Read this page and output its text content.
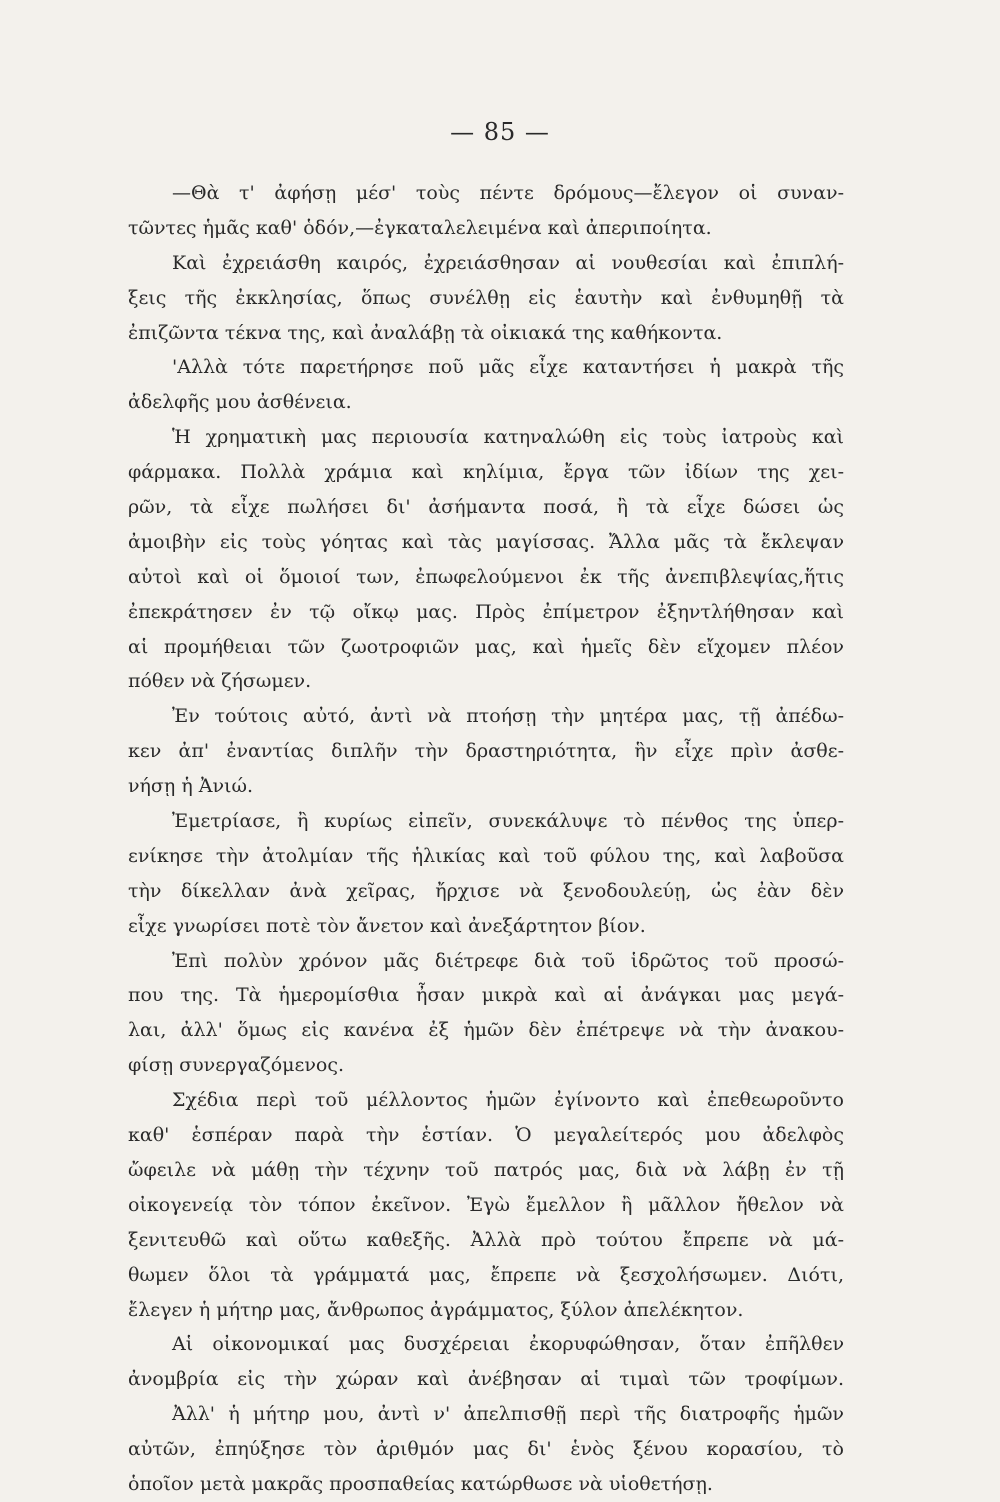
— 85 —
—Θὰ τ' ἀφήσῃ μέσ' τοὺς πέντε δρόμους—ἔλεγον οἱ συναν-
τῶντες ἡμᾶς καθ' ὁδόν,—ἐγκαταλελειμένα καὶ ἀπεριποίητα.
Καὶ ἐχρειάσθη καιρός, ἐχρειάσθησαν αἱ νουθεσίαι καὶ ἐπιπλή-
ξεις τῆς ἐκκλησίας, ὅπως συνέλθῃ εἰς ἑαυτὴν καὶ ἐνθυμηθῇ τὰ
ἐπιζῶντα τέκνα της, καὶ ἀναλάβῃ τὰ οἰκιακά της καθήκοντα.
'Αλλὰ τότε παρετήρησε ποῦ μᾶς εἶχε καταντήσει ἡ μακρὰ τῆς
ἀδελφῆς μου ἀσθένεια.
Ἡ χρηματικὴ μας περιουσία κατηναλώθη εἰς τοὺς ἰατροὺς καὶ
φάρμακα. Πολλὰ χράμια καὶ κηλίμια, ἔργα τῶν ἰδίων της χει-
ρῶν, τὰ εἶχε πωλήσει δι' ἀσήμαντα ποσά, ἢ τὰ εἶχε δώσει ὡς
ἀμοιβὴν εἰς τοὺς γόητας καὶ τὰς μαγίσσας. Ἄλλα μᾶς τὰ ἔκλεψαν
αὐτοὶ καὶ οἱ ὅμοιοί των, ἐπωφελούμενοι ἐκ τῆς ἀνεπιβλεψίας,ἥτις
ἐπεκράτησεν ἐν τῷ οἴκῳ μας. Πρὸς ἐπίμετρον ἐξηντλήθησαν καὶ
αἱ προμήθειαι τῶν ζωοτροφιῶν μας, καὶ ἡμεῖς δὲν εἴχομεν πλέον
πόθεν νὰ ζήσωμεν.
Ἐν τούτοις αὐτό, ἀντὶ νὰ πτοήσῃ τὴν μητέρα μας, τῇ ἀπέδω-
κεν ἀπ' ἐναντίας διπλῆν τὴν δραστηριότητα, ἣν εἶχε πρὶν ἀσθε-
νήσῃ ἡ Ἀνιώ.
Ἐμετρίασε, ἢ κυρίως εἰπεῖν, συνεκάλυψε τὸ πένθος της ὑπερ-
ενίκησε τὴν ἀτολμίαν τῆς ἡλικίας καὶ τοῦ φύλου της, καὶ λαβοῦσα
τὴν δίκελλαν ἀνὰ χεῖρας, ἤρχισε νὰ ξενοδουλεύῃ, ὡς ἐὰν δὲν
εἶχε γνωρίσει ποτὲ τὸν ἄνετον καὶ ἀνεξάρτητον βίον.
Ἐπὶ πολὺν χρόνον μᾶς διέτρεφε διὰ τοῦ ἱδρῶτος τοῦ προσώ-
που της. Τὰ ἡμερομίσθια ἦσαν μικρὰ καὶ αἱ ἀνάγκαι μας μεγά-
λαι, ἀλλ' ὅμως εἰς κανένα ἐξ ἡμῶν δὲν ἐπέτρεψε νὰ τὴν ἀνακου-
φίσῃ συνεργαζόμενος.
Σχέδια περὶ τοῦ μέλλοντος ἡμῶν ἐγίνοντο καὶ ἐπεθεωροῦντο
καθ' ἑσπέραν παρὰ τὴν ἑστίαν. Ὁ μεγαλείτερός μου ἀδελφὸς
ὤφειλε νὰ μάθῃ τὴν τέχνην τοῦ πατρός μας, διὰ νὰ λάβῃ ἐν τῇ
οἰκογενείᾳ τὸν τόπον ἐκεῖνον. Ἐγὼ ἔμελλον ἢ μᾶλλον ἤθελον νὰ
ξενιτευθῶ καὶ οὕτω καθεξῆς. Ἀλλὰ πρὸ τούτου ἔπρεπε νὰ μά-
θωμεν ὅλοι τὰ γράμματά μας, ἔπρεπε νὰ ξεσχολήσωμεν. Διότι,
ἔλεγεν ἡ μήτηρ μας, ἄνθρωπος ἀγράμματος, ξύλον ἀπελέκητον.
Αἱ οἰκονομικαί μας δυσχέρειαι ἐκορυφώθησαν, ὅταν ἐπῆλθεν
ἀνομβρία εἰς τὴν χώραν καὶ ἀνέβησαν αἱ τιμαὶ τῶν τροφίμων.
Ἀλλ' ἡ μήτηρ μου, ἀντὶ ν' ἀπελπισθῇ περὶ τῆς διατροφῆς ἡμῶν
αὐτῶν, ἐπηύξησε τὸν ἀριθμόν μας δι' ἑνὸς ξένου κορασίου, τὸ
ὁποῖον μετὰ μακρᾶς προσπαθείας κατώρθωσε νὰ υἱοθετήσῃ.
